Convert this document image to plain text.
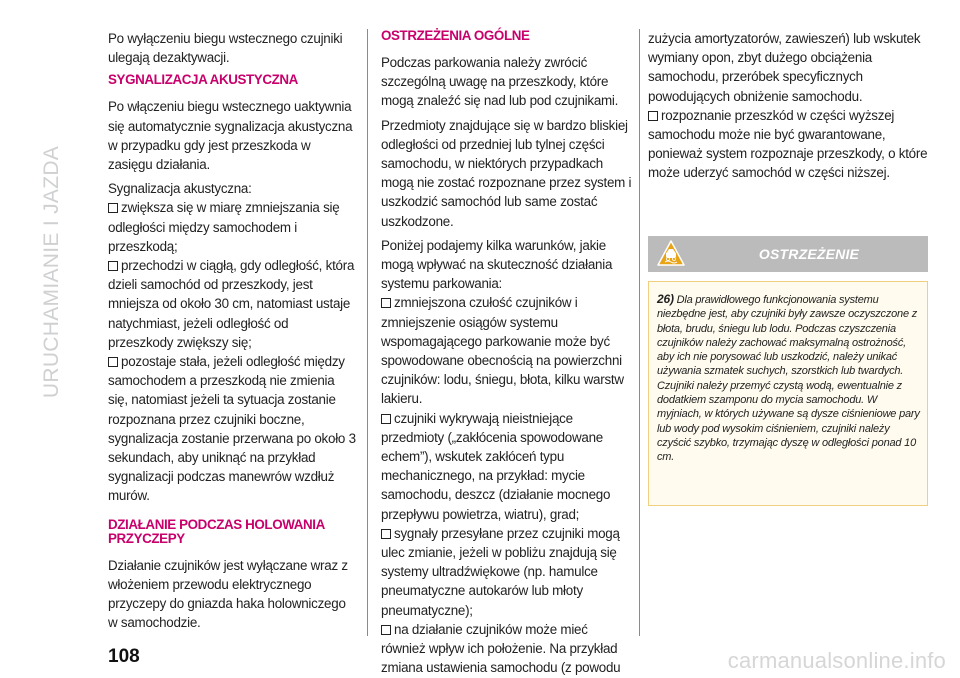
URUCHAMIANIE I JAZDA

Po wyłączeniu biegu wstecznego czujniki ulegają dezaktywacji.

SYGNALIZACJA AKUSTYCZNA

Po włączeniu biegu wstecznego uaktywnia się automatycznie sygnalizacja akustyczna w przypadku gdy jest przeszkoda w zasięgu działania.

Sygnalizacja akustyczna:

zwiększa się w miarę zmniejszania się odległości między samochodem i przeszkodą;

przechodzi w ciągłą, gdy odległość, która dzieli samochód od przeszkody, jest mniejsza od około 30 cm, natomiast ustaje natychmiast, jeżeli odległość od przeszkody zwiększy się;

pozostaje stała, jeżeli odległość między samochodem a przeszkodą nie zmienia się, natomiast jeżeli ta sytuacja zostanie rozpoznana przez czujniki boczne, sygnalizacja zostanie przerwana po około 3 sekundach, aby uniknąć na przykład sygnalizacji podczas manewrów wzdłuż murów.

DZIAŁANIE PODCZAS HOLOWANIA PRZYCZEPY

Działanie czujników jest wyłączane wraz z włożeniem przewodu elektrycznego przyczepy do gniazda haka holowniczego w samochodzie.

OSTRZEŻENIA OGÓLNE

Podczas parkowania należy zwrócić szczególną uwagę na przeszkody, które mogą znaleźć się nad lub pod czujnikami.

Przedmioty znajdujące się w bardzo bliskiej odległości od przedniej lub tylnej części samochodu, w niektórych przypadkach mogą nie zostać rozpoznane przez system i uszkodzić samochód lub same zostać uszkodzone.

Poniżej podajemy kilka warunków, jakie mogą wpływać na skuteczność działania systemu parkowania:

zmniejszona czułość czujników i zmniejszenie osiągów systemu wspomagającego parkowanie może być spowodowane obecnością na powierzchni czujników: lodu, śniegu, błota, kilku warstw lakieru.

czujniki wykrywają nieistniejące przedmioty („zakłócenia spowodowane echem”), wskutek zakłóceń typu mechanicznego, na przykład: mycie samochodu, deszcz (działanie mocnego przepływu powietrza, wiatru), grad;

sygnały przesyłane przez czujniki mogą ulec zmianie, jeżeli w pobliżu znajdują się systemy ultradźwiękowe (np. hamulce pneumatyczne autokarów lub młoty pneumatyczne);

na działanie czujników może mieć również wpływ ich położenie. Na przykład zmiana ustawienia samochodu (z powodu

zużycia amortyzatorów, zawieszeń) lub wskutek wymiany opon, zbyt dużego obciążenia samochodu, przeróbek specyficznych powodujących obniżenie samochodu.

rozpoznanie przeszkód w części wyższej samochodu może nie być gwarantowane, ponieważ system rozpoznaje przeszkody, o które może uderzyć samochód w części niższej.

OSTRZEŻENIE

26) Dla prawidłowego funkcjonowania systemu niezbędne jest, aby czujniki były zawsze oczyszczone z błota, brudu, śniegu lub lodu. Podczas czyszczenia czujników należy zachować maksymalną ostrożność, aby ich nie porysować lub uszkodzić, należy unikać używania szmatek suchych, szorstkich lub twardych. Czujniki należy przemyć czystą wodą, ewentualnie z dodatkiem szamponu do mycia samochodu. W myjniach, w których używane są dysze ciśnieniowe pary lub wody pod wysokim ciśnieniem, czujniki należy czyścić szybko, trzymając dyszę w odległości ponad 10 cm.

108	carmanualsonline.info
